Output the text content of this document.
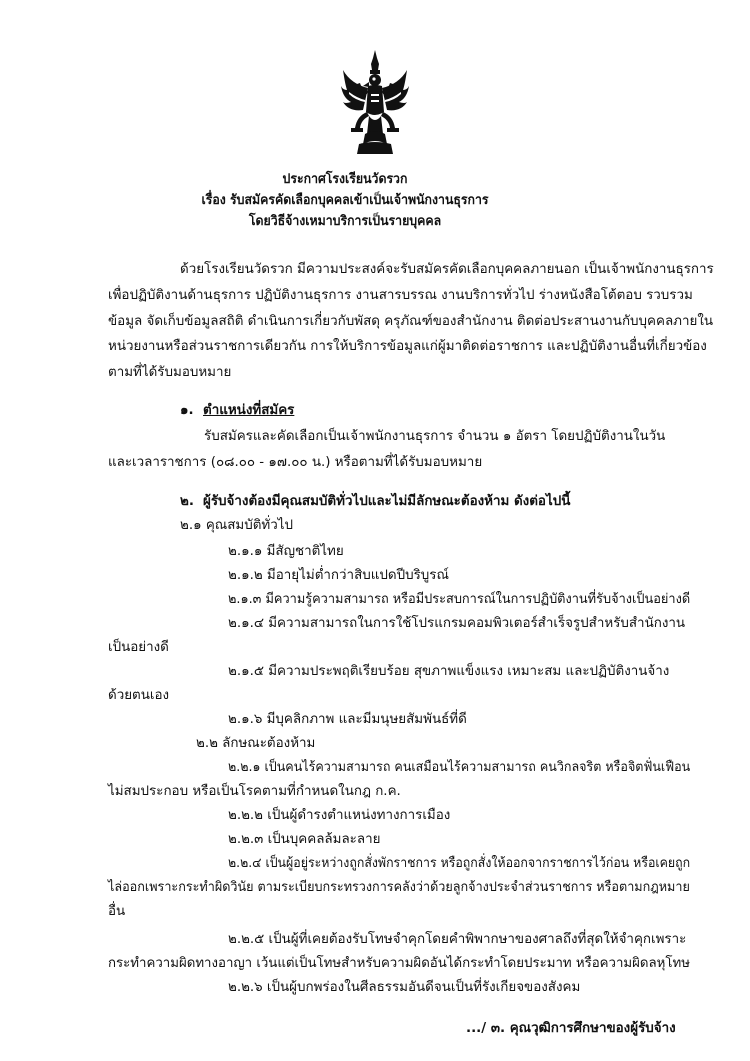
ประกาศโรงเรียนวัดรวก
เรื่อง รับสมัครคัดเลือกบุคคลเข้าเป็นเจ้าพนักงานธุรการ
โดยวิธีจ้างเหมาบริการเป็นรายบุคคล
ด้วยโรงเรียนวัดรวก มีความประสงค์จะรับสมัครคัดเลือกบุคคลภายนอก เป็นเจ้าพนักงานธุรการ
เพื่อปฏิบัติงานด้านธุรการ ปฏิบัติงานธุรการ งานสารบรรณ งานบริการทั่วไป ร่างหนังสือโต้ตอบ รวบรวม
ข้อมูล จัดเก็บข้อมูลสถิติ ดำเนินการเกี่ยวกับพัสดุ ครุภัณฑ์ของสำนักงาน ติดต่อประสานงานกับบุคคลภายใน
หน่วยงานหรือส่วนราชการเดียวกัน การให้บริการข้อมูลแก่ผู้มาติดต่อราชการ และปฏิบัติงานอื่นที่เกี่ยวข้อง
ตามที่ได้รับมอบหมาย
๑. ตำแหน่งที่สมัคร
รับสมัครและคัดเลือกเป็นเจ้าพนักงานธุรการ จำนวน ๑ อัตรา โดยปฏิบัติงานในวัน
และเวลาราชการ (๐๘.๐๐ - ๑๗.๐๐ น.) หรือตามที่ได้รับมอบหมาย
๒. ผู้รับจ้างต้องมีคุณสมบัติทั่วไปและไม่มีลักษณะต้องห้าม ดังต่อไปนี้
๒.๑ คุณสมบัติทั่วไป
๒.๑.๑ มีสัญชาติไทย
๒.๑.๒ มีอายุไม่ต่ำกว่าสิบแปดปีบริบูรณ์
๒.๑.๓ มีความรู้ความสามารถ หรือมีประสบการณ์ในการปฏิบัติงานที่รับจ้างเป็นอย่างดี
๒.๑.๔ มีความสามารถในการใช้โปรแกรมคอมพิวเตอร์สำเร็จรูปสำหรับสำนักงาน
เป็นอย่างดี
๒.๑.๕ มีความประพฤติเรียบร้อย สุขภาพแข็งแรง เหมาะสม และปฏิบัติงานจ้าง
ด้วยตนเอง
๒.๑.๖ มีบุคลิกภาพ และมีมนุษยสัมพันธ์ที่ดี
๒.๒ ลักษณะต้องห้าม
๒.๒.๑ เป็นคนไร้ความสามารถ คนเสมือนไร้ความสามารถ คนวิกลจริต หรือจิตฟั่นเฟือน
ไม่สมประกอบ หรือเป็นโรคตามที่กำหนดในกฎ ก.ค.
๒.๒.๒ เป็นผู้ดำรงตำแหน่งทางการเมือง
๒.๒.๓ เป็นบุคคลล้มละลาย
๒.๒.๔ เป็นผู้อยู่ระหว่างถูกสั่งพักราชการ หรือถูกสั่งให้ออกจากราชการไว้ก่อน หรือเคยถูก
ไล่ออกเพราะกระทำผิดวินัย ตามระเบียบกระทรวงการคลังว่าด้วยลูกจ้างประจำส่วนราชการ หรือตามกฎหมาย
อื่น
๒.๒.๕ เป็นผู้ที่เคยต้องรับโทษจำคุกโดยคำพิพากษาของศาลถึงที่สุดให้จำคุกเพราะ
กระทำความผิดทางอาญา เว้นแต่เป็นโทษสำหรับความผิดอันได้กระทำโดยประมาท หรือความผิดลหุโทษ
๒.๒.๖ เป็นผู้บกพร่องในศีลธรรมอันดีจนเป็นที่รังเกียจของสังคม
.../ ๓. คุณวุฒิการศึกษาของผู้รับจ้าง
